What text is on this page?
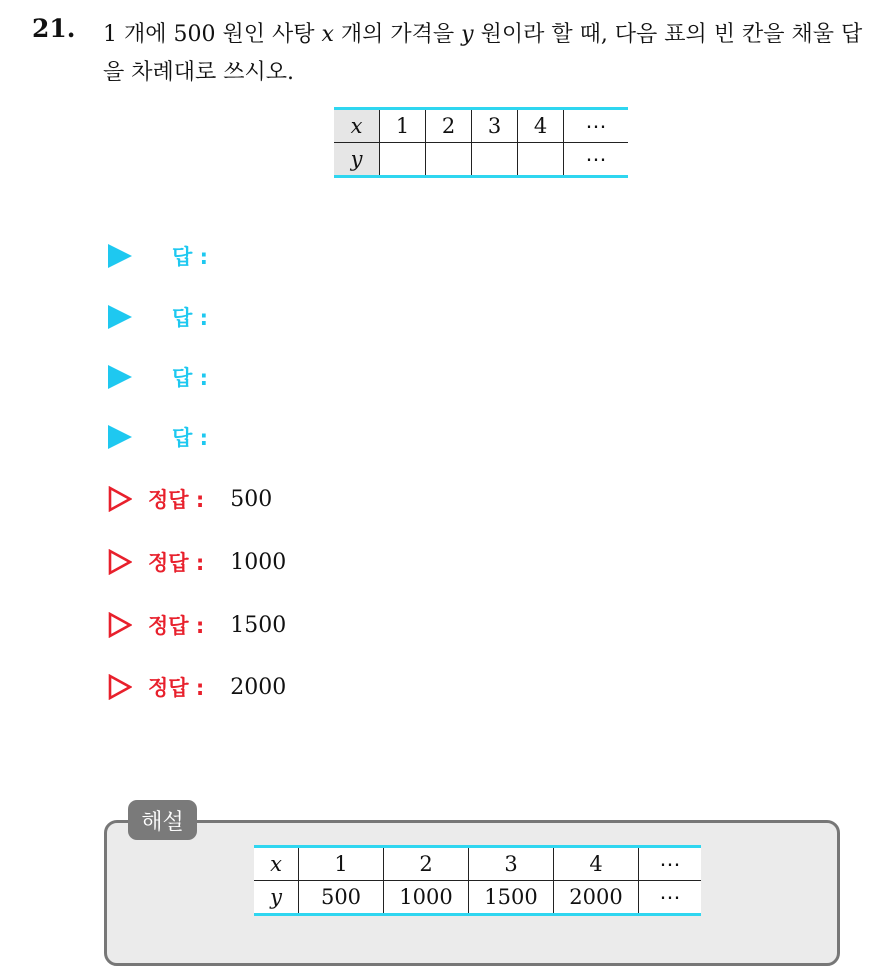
21. 1 개에 500 원인 사탕 x 개의 가격을 y 원이라 할 때, 다음 표의 빈 칸을 채울 답을 차례대로 쓰시오.
x	1	2	3	4	⋯
y					⋯
답 :
답 :
답 :
답 :
정답 : 500
정답 : 1000
정답 : 1500
정답 : 2000
해설
x	1	2	3	4	⋯
y	500	1000	1500	2000	⋯
